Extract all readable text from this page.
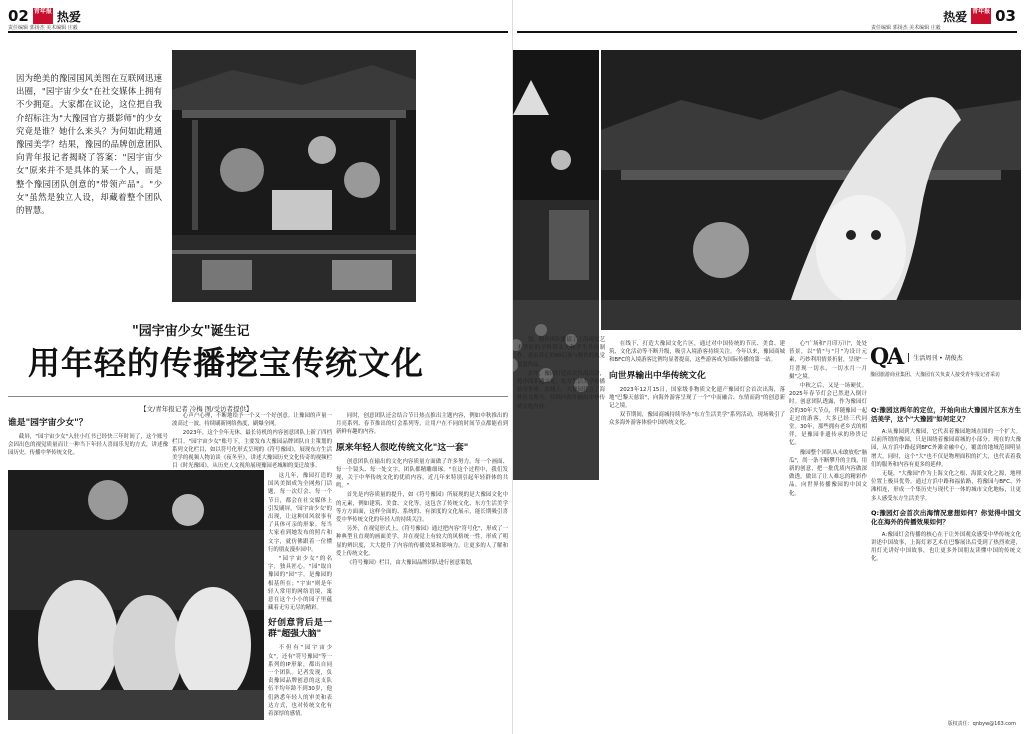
02 青年报 热爱
责任编辑 郭扬杰 美术编辑 庄毅
因为绝美的豫园国风美图在互联网迅速出圈，"园宇宙少女"在社交媒体上拥有不少拥趸。大家都在议论，这位把自我介绍标注为"大豫园官方摄影师"的少女究竟是谁？她什么来头？为何如此精通豫园美学？结果，豫园的品牌创意团队向青年报记者揭晓了答案："园宇宙少女"原来并不是具体的某一个人，而是整个豫园团队创意的"带领产品"。"少女"虽然是独立人设，却藏着整个团队的智慧。
"园宇宙少女"诞生记
用年轻的传播挖宝传统文化
【文/青年报记者 冷梅 图/受访者提供】
谁是"园宇宙少女"？

截屏，"园宇宙少女"入驻小红书已经快三年时间了，这个账号会因出色的视觉质量而让一种当下年轻人喜闻乐见的方式，讲述豫园历史，传播中华传统文化。

心声户心理，不断地给予一个又一个好创意。让豫园的声量一波高过一波，持续刷新网络热度，刷爆全网。

2023年，这个全年无休、最长待机的内容创意团队上新了四档栏目，"园宇宙少女"账号下，主要发布大豫园品牌团队自主策划的系列文化栏目，如以符号化形式呈现的《符号豫园》，展现东方生活美学的视频人物访谈《夜冬至》，讲述大豫园历史文化传奇的视频栏目《时光豫园》，从历史人文视角展现豫园老城厢的变迁故事。

这几年，豫园打造的国风美图成为全网热门话题，每一次灯会、每一个节日，都会在社交媒体上引发刷屏。'园宇宙少女'的出现，让这种国风叙事有了具体可亲的形象。每当大家看到她发布的照片和文字，就仿佛跟着一位懂行的朋友漫步园中。

"园宇宙少女"的名字，独具匠心。"园"取自豫园的"园"字，是豫园的根基所在；"宇宙"则是年轻人常用的网络语境，寓意在这个小小的园子里蕴藏着无穷无尽的精彩。

好创意背后是一群"超强大脑"

不但有"园宇宙少女"，还有"符号豫园"等一系列的IP形象，都出自同一个团队。记者发现，负责豫园品牌创意的这支队伍平均年龄不到30岁，他们熟悉年轻人的审美和表达方式，也对传统文化有着深厚的感情。

同时，创意团队还会结合节日热点推出主题内容，例如中秋推出的月亮系列、春节推出的灯会系列等，让用户在不同的时间节点都能看到新鲜有趣的内容。

原来年轻人很吃传统文化"这一套"

创意团队在输出的文化内容质量方面做了许多努力。每一个画面、每一个镜头、每一处文字，团队都精雕细琢。"在这个过程中，我们发现，关于中华传统文化的优质内容，近几年来特别引起年轻群体的共鸣。"

首先是内容质量的提升，如《符号豫园》所展现的是大豫园文化中的元素，例如建筑、美食、文化等，这包含了传统文化、东方生活美学等方方面面，这样全面的、系统的、有深度的文化展示，能长期吸引喜爱中华传统文化的年轻人的持续关注。

另外，在视觉形式上，《符号豫园》通过把内容"符号化"，形成了一种典型且直观的画面美学，并在视觉上有较大的风格统一性，形成了明显的辨识度，大大提升了内容的传播效果和影响力，让更多的人了解和爱上传统文化。

《符号豫园》栏目，由大豫园品牌团队进行创意策划，

热爱 青年报 03
责任编辑 郭扬杰 美术编辑 庄毅

划，制作团队邀请了上海视觉艺术学院的学科带头人和学生共同制作，是由真正的00后参与制作的视觉创意作品。

去年，豫园打造首次出海活动，将中国非遗文化、东方生活美学传播给全世界。在线上，大豫园建立了海外社交账号，持续向海外输出中华传统文化内容。

在线下，打造大豫园文化片区，通过对中国传统的节庆、美食、建筑、文化活动等不断升级，吸引入境游客持续关注。今年以来，豫园商城和BFC的入境游客比例均显著提高，这些游客成为国际传播的第一站。

向世界输出中华传统文化

2023年12月15日，国家级非物质文化遗产豫园灯会首次出海，落地"巴黎天慈馆"，向海外游客呈现了一个"中而融合、东情而韵"的创意新记之境。

双节期间，豫园商城持续举办"东方生活美学"系列活动，现场吸引了众多海外游客体验中国传统文化。

心"广场和"月印万川"，处处皆景，以"情"与"月"为设计元素，巧妙利用情景折射，呈现"一月普现一切水，一切水月一月摄"之境。

中秋之后，又是一场硬仗。2025年春节灯会已然进入倒计时。创意团队透露，作为豫园灯会的30年大节点，伴随豫园一起走过的游客，大多已经三代同堂。30年，那些拥有老乡式的相伴，是豫园非遗传承的珍贵记忆。

豫园整个团队从未敢放松"脑瓜"，尚一条不断攀升的主线，用新的创意，把一批优质内容做深做透，做出了让人难忘的精彩作品，向世界传播豫园的中国文化。

Q:豫园这两年的定位，开始向出大豫园片区东方生活美学，这个"大豫园"如何定义？

A:从豫园到大豫园，它代表着豫园地域在围的一个扩大。以前所谓的豫园，只是围绕着豫园商城的小部分。现在的大豫园，从方浜中路起到BFC外滩金融中心，覆盖的地域范围明显增大。同时，这个"大"也不仅是物理面积的扩大，也代表着我们的服务和内容有更多的延伸。

无疑，"大豫园"作为上海文化之根、海派文化之源，地理位置上极具优势。通过方浜中路和福佑路，将豫园与BFC、外滩相连，形成一个集历史与现代于一体的城市文化地标，让更多人感受东方生活美学。

Q:豫园灯会首次出海情况意想如何？你觉得中国文化在海外的传播效果如何？

A:豫园灯会传播的核心在于让外国观众感受中华传统文化讲述中国故事，上海灯彩艺术在巴黎展出后受到了热烈欢迎，用灯光讲好中国故事，也让更多外国朋友读懂中国的传统文化。

版权责任：qnbyw@163.com
QA	生活周刊 • 胡俊杰
豫园旅游商业集团、大豫园有关负责人接受青年报记者采访
